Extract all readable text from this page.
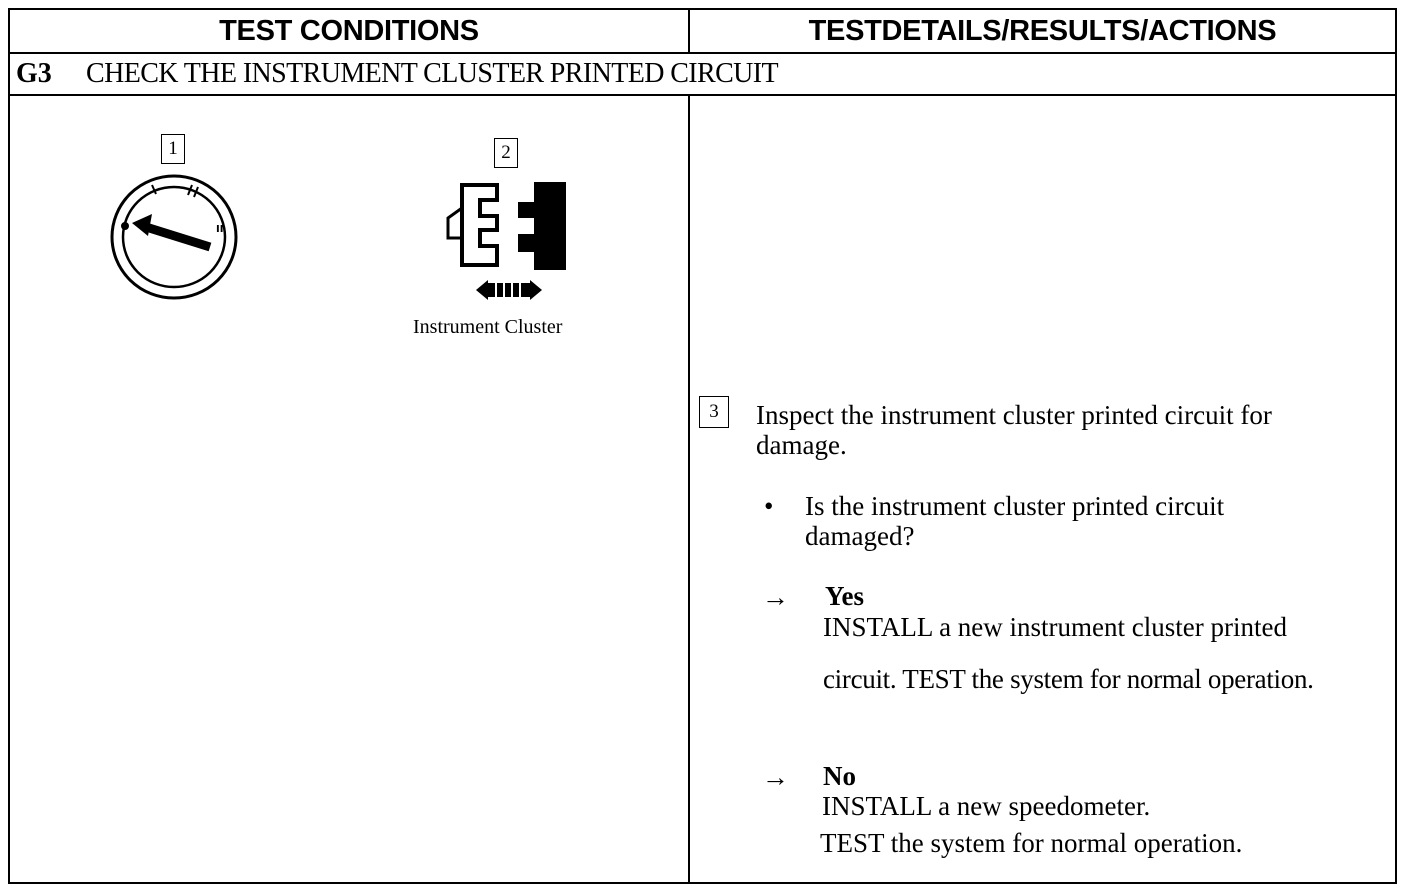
TEST CONDITIONS	TESTDETAILS/RESULTS/ACTIONS
G3	CHECK THE INSTRUMENT CLUSTER PRINTED CIRCUIT
1
II
2
Instrument Cluster
3	Inspect the instrument cluster printed circuit for
damage.
• Is the instrument cluster printed circuit
damaged?
→ Yes
INSTALL a new instrument cluster printed
circuit. TEST the system for normal operation.
→ No
INSTALL a new speedometer.
TEST the system for normal operation.
